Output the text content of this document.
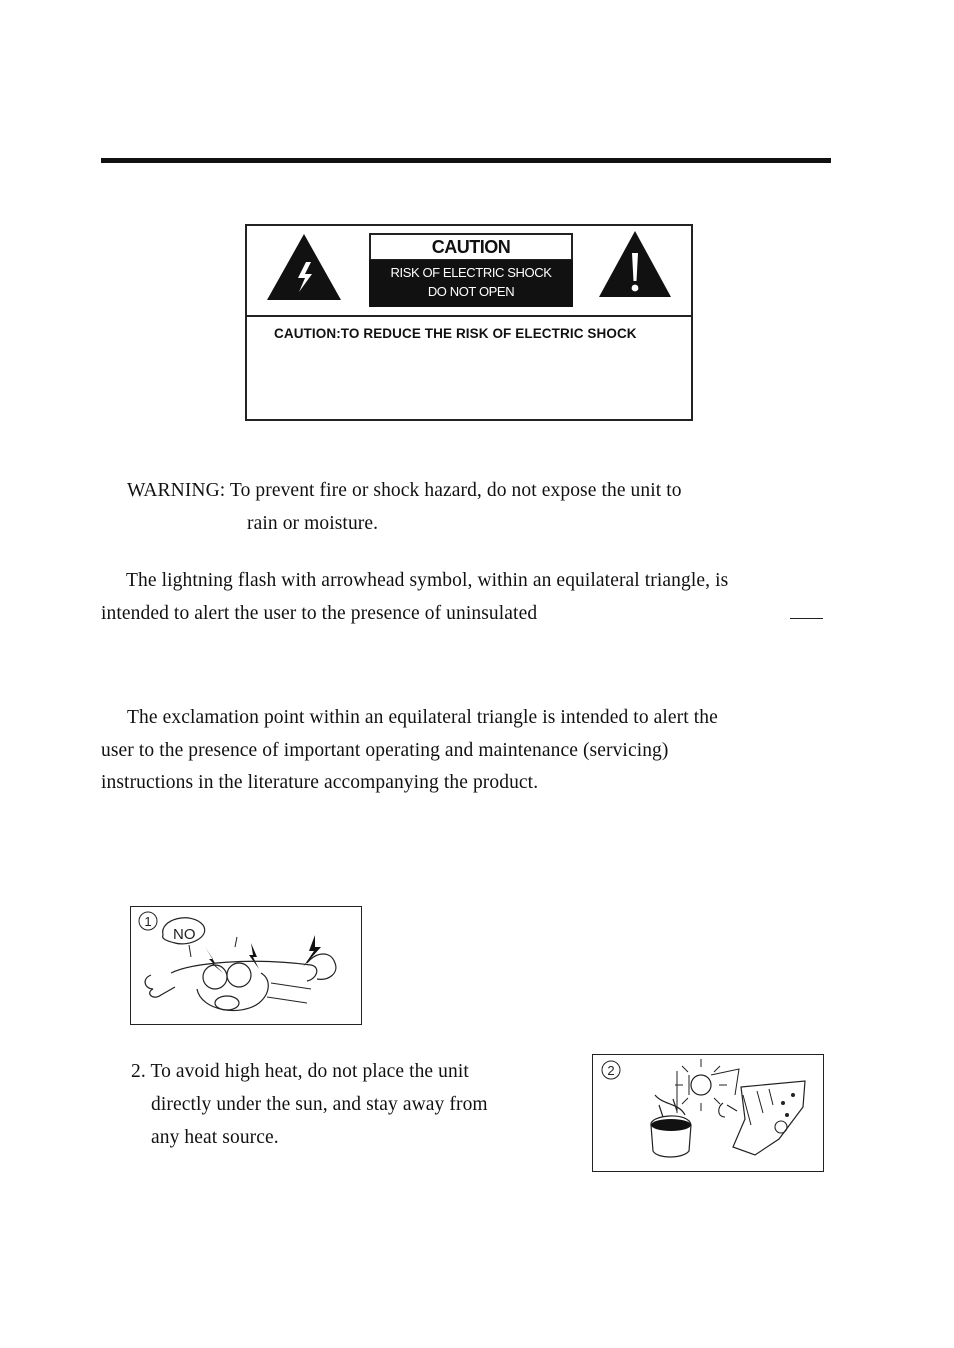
CAUTION
RISK OF ELECTRIC SHOCK
DO NOT OPEN
CAUTION:TO REDUCE THE RISK OF ELECTRIC SHOCK
WARNING: To prevent fire or shock hazard, do not expose the unit to
rain or moisture.
The lightning flash with arrowhead symbol, within an equilateral triangle, is
intended to alert the user to the presence of uninsulated
The exclamation point within an equilateral triangle is intended to alert the
user to the presence of important operating and maintenance (servicing)
instructions in the literature accompanying the product.
1
NO
2. To avoid high heat, do not place the unit
directly under the sun, and stay away from
any heat source.
2
